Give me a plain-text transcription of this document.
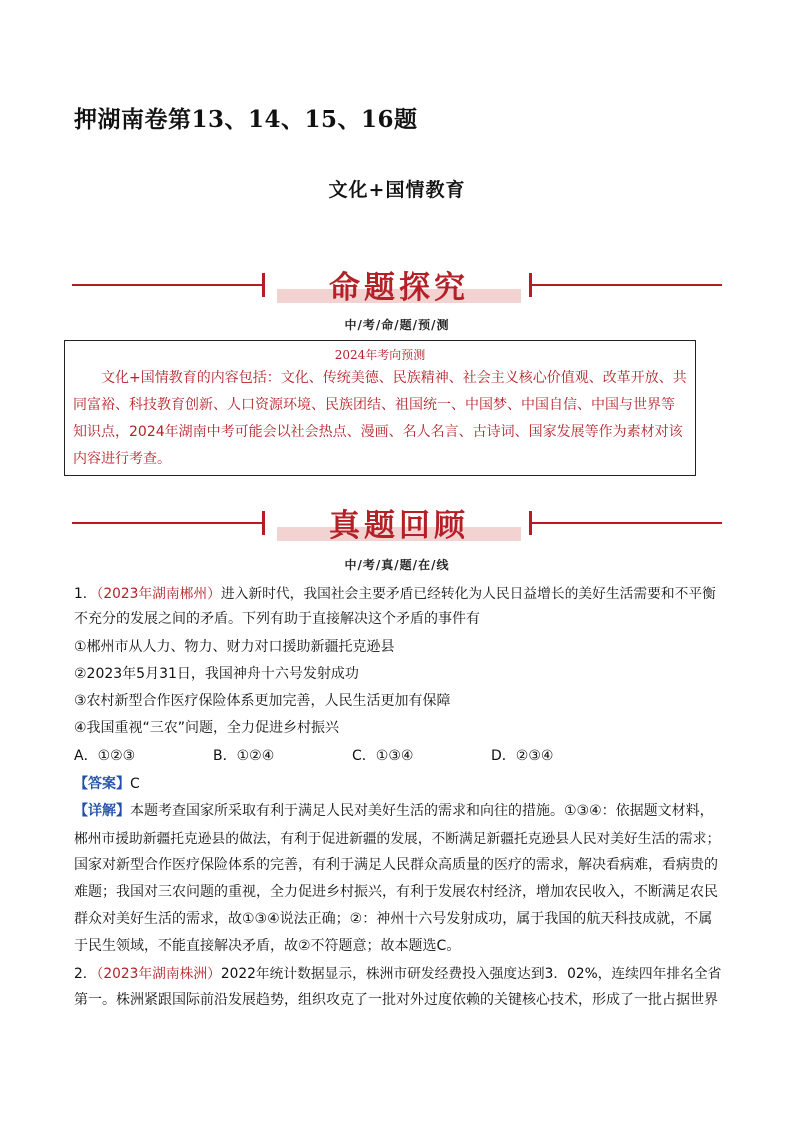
押湖南卷第13、14、15、16题
文化+国情教育
命题探究
中/考/命/题/预/测
2024年考向预测
文化+国情教育的内容包括：文化、传统美德、民族精神、社会主义核心价值观、改革开放、共同富裕、科技教育创新、人口资源环境、民族团结、祖国统一、中国梦、中国自信、中国与世界等知识点，2024年湖南中考可能会以社会热点、漫画、名人名言、古诗词、国家发展等作为素材对该内容进行考查。
真题回顾
中/考/真/题/在/线
1．（2023年湖南郴州）进入新时代，我国社会主要矛盾已经转化为人民日益增长的美好生活需要和不平衡
不充分的发展之间的矛盾。下列有助于直接解决这个矛盾的事件有
①郴州市从人力、物力、财力对口援助新疆托克逊县
②2023年5月31日，我国神舟十六号发射成功
③农村新型合作医疗保险体系更加完善，人民生活更加有保障
④我国重视“三农”问题，全力促进乡村振兴
A．①②③	B．①②④	C．①③④	D．②③④
【答案】C
【详解】本题考查国家所采取有利于满足人民对美好生活的需求和向往的措施。①③④：依据题文材料，
郴州市援助新疆托克逊县的做法，有利于促进新疆的发展，不断满足新疆托克逊县人民对美好生活的需求；
国家对新型合作医疗保险体系的完善，有利于满足人民群众高质量的医疗的需求，解决看病难，看病贵的
难题；我国对三农问题的重视，全力促进乡村振兴，有利于发展农村经济，增加农民收入，不断满足农民
群众对美好生活的需求，故①③④说法正确；②：神州十六号发射成功，属于我国的航天科技成就，不属
于民生领域，不能直接解决矛盾，故②不符题意；故本题选C。
2．（2023年湖南株洲）2022年统计数据显示，株洲市研发经费投入强度达到3．02%，连续四年排名全省
第一。株洲紧跟国际前沿发展趋势，组织攻克了一批对外过度依赖的关键核心技术，形成了一批占据世界
